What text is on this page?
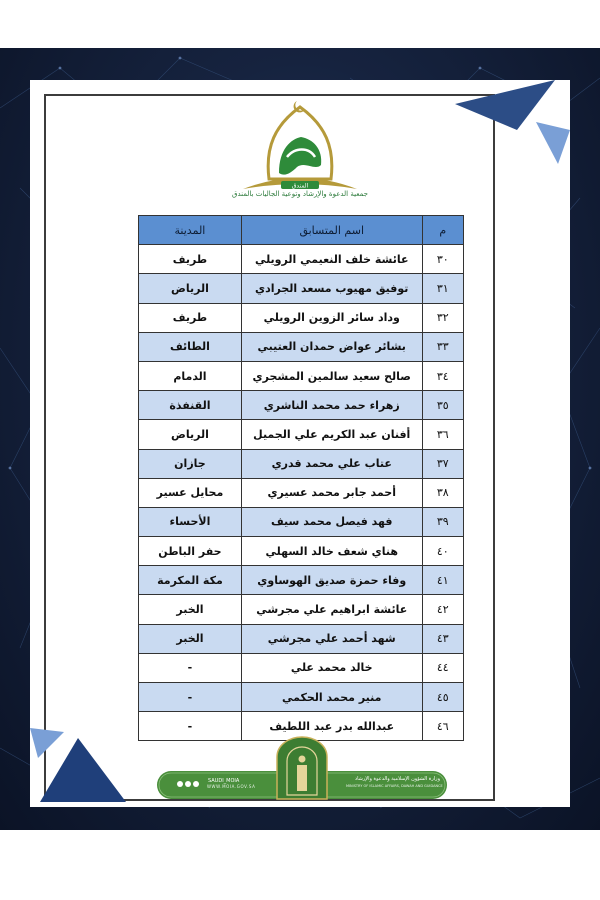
المندق
جمعية الدعوة والإرشاد وتوعية الجاليات بالمندق
م	اسم المتسابق	المدينة
٣٠	عائشة خلف النعيمي الرويلي	طريف
٣١	توفيق مهيوب مسعد الجرادي	الرياض
٣٢	وداد سائر الزوين الرويلي	طريف
٣٣	بشائر عواض حمدان العتيبي	الطائف
٣٤	صالح سعيد سالمين المشجري	الدمام
٣٥	زهراء حمد محمد الناشري	القنفذة
٣٦	أفنان عبد الكريم علي الجميل	الرياض
٣٧	عتاب علي محمد قدري	جازان
٣٨	أحمد جابر محمد عسيري	محايل عسير
٣٩	فهد فيصل محمد سيف	الأحساء
٤٠	هناي شعف خالد السهلي	حفر الباطن
٤١	وفاء حمزة صديق الهوساوي	مكة المكرمة
٤٢	عائشة ابراهيم علي مجرشي	الخبر
٤٣	شهد أحمد علي مجرشي	الخبر
٤٤	خالد محمد علي	-
٤٥	منير محمد الحكمي	-
٤٦	عبدالله بدر عبد اللطيف	-
SAUDI_MOIA
WWW.MOIA.GOV.SA
وزارة الشؤون الإسلامية والدعوة والإرشاد
MINISTRY OF ISLAMIC AFFAIRS, DAWAH AND GUIDANCE
